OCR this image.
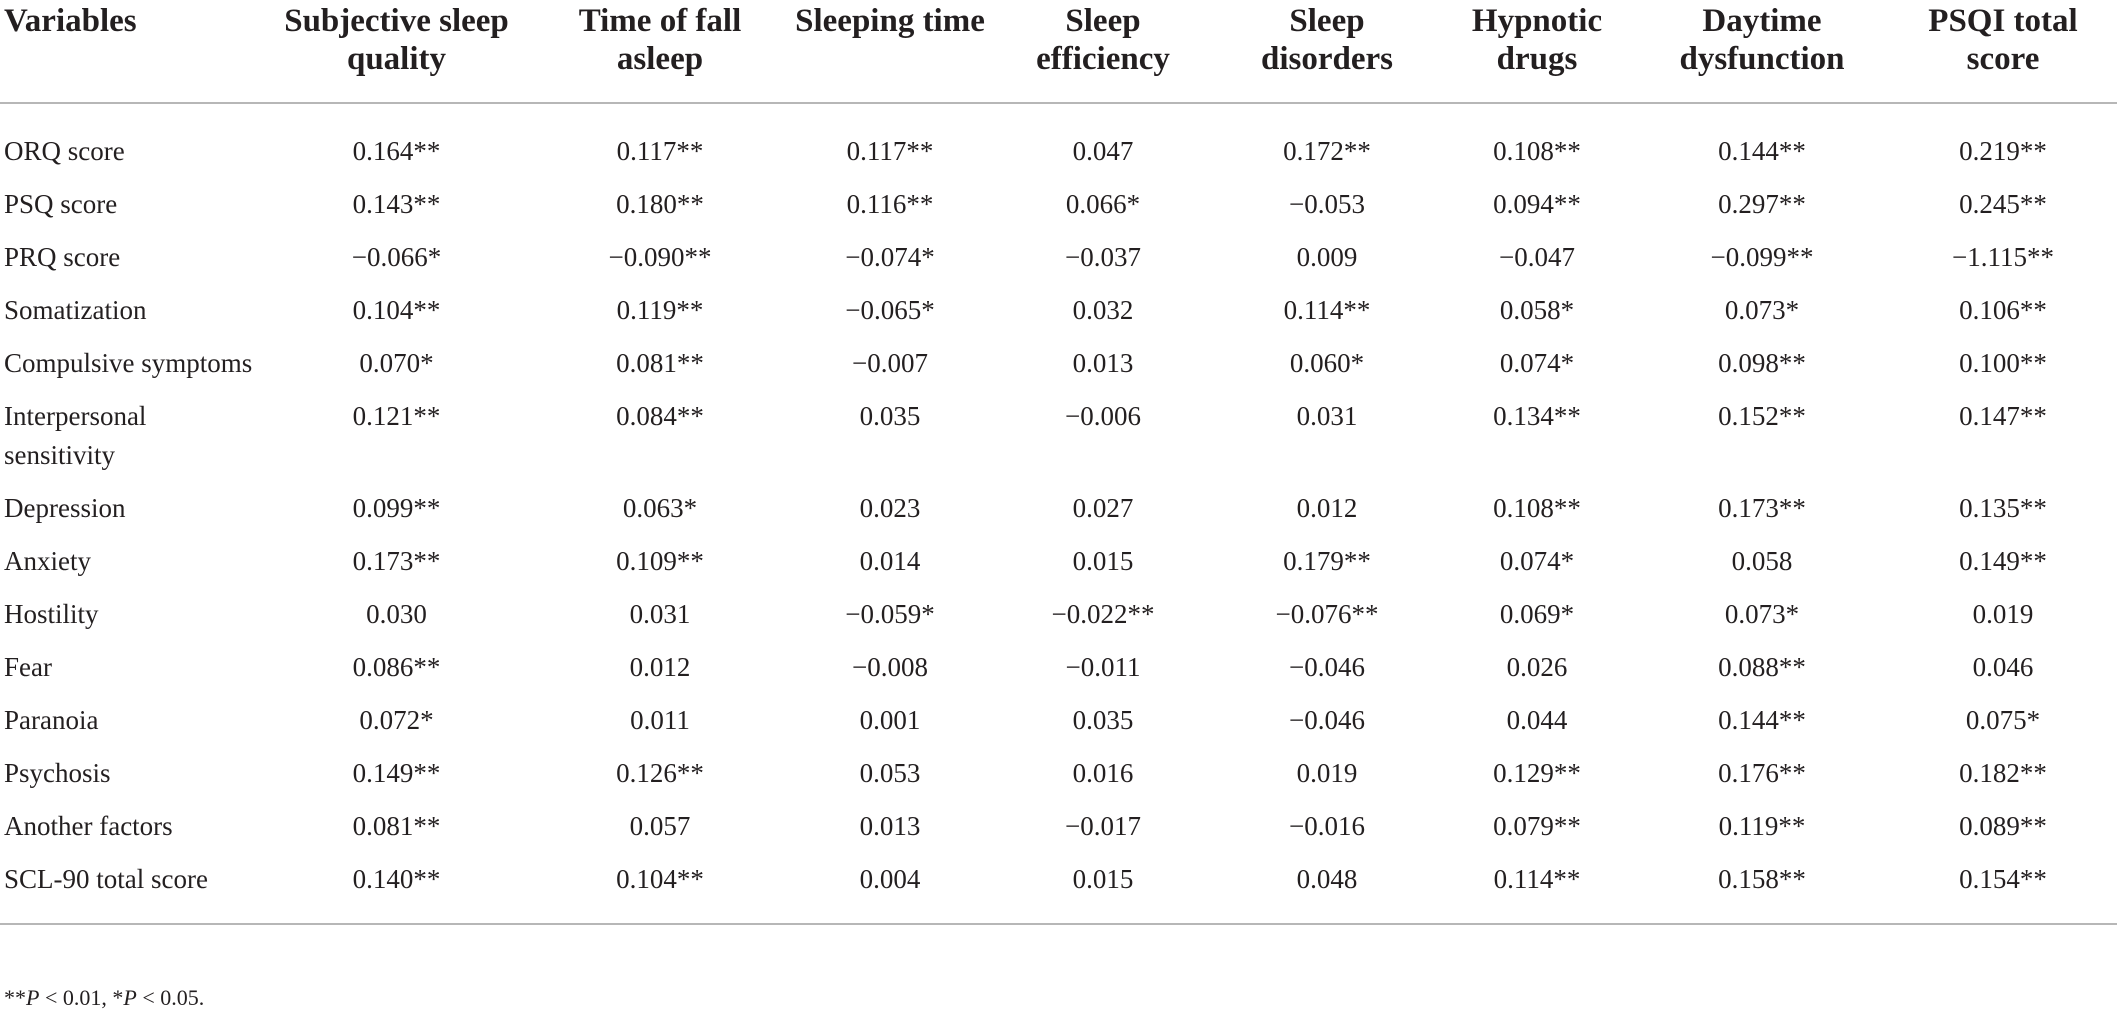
Variables	Subjective sleep quality	Time of fall asleep	Sleeping time	Sleep efficiency	Sleep disorders	Hypnotic drugs	Daytime dysfunction	PSQI total score
ORQ score	0.164**	0.117**	0.117**	0.047	0.172**	0.108**	0.144**	0.219**
PSQ score	0.143**	0.180**	0.116**	0.066*	−0.053	0.094**	0.297**	0.245**
PRQ score	−0.066*	−0.090**	−0.074*	−0.037	0.009	−0.047	−0.099**	−1.115**
Somatization	0.104**	0.119**	−0.065*	0.032	0.114**	0.058*	0.073*	0.106**
Compulsive symptoms	0.070*	0.081**	−0.007	0.013	0.060*	0.074*	0.098**	0.100**
Interpersonal sensitivity	0.121**	0.084**	0.035	−0.006	0.031	0.134**	0.152**	0.147**
Depression	0.099**	0.063*	0.023	0.027	0.012	0.108**	0.173**	0.135**
Anxiety	0.173**	0.109**	0.014	0.015	0.179**	0.074*	0.058	0.149**
Hostility	0.030	0.031	−0.059*	−0.022**	−0.076**	0.069*	0.073*	0.019
Fear	0.086**	0.012	−0.008	−0.011	−0.046	0.026	0.088**	0.046
Paranoia	0.072*	0.011	0.001	0.035	−0.046	0.044	0.144**	0.075*
Psychosis	0.149**	0.126**	0.053	0.016	0.019	0.129**	0.176**	0.182**
Another factors	0.081**	0.057	0.013	−0.017	−0.016	0.079**	0.119**	0.089**
SCL-90 total score	0.140**	0.104**	0.004	0.015	0.048	0.114**	0.158**	0.154**
**P < 0.01, *P < 0.05.
